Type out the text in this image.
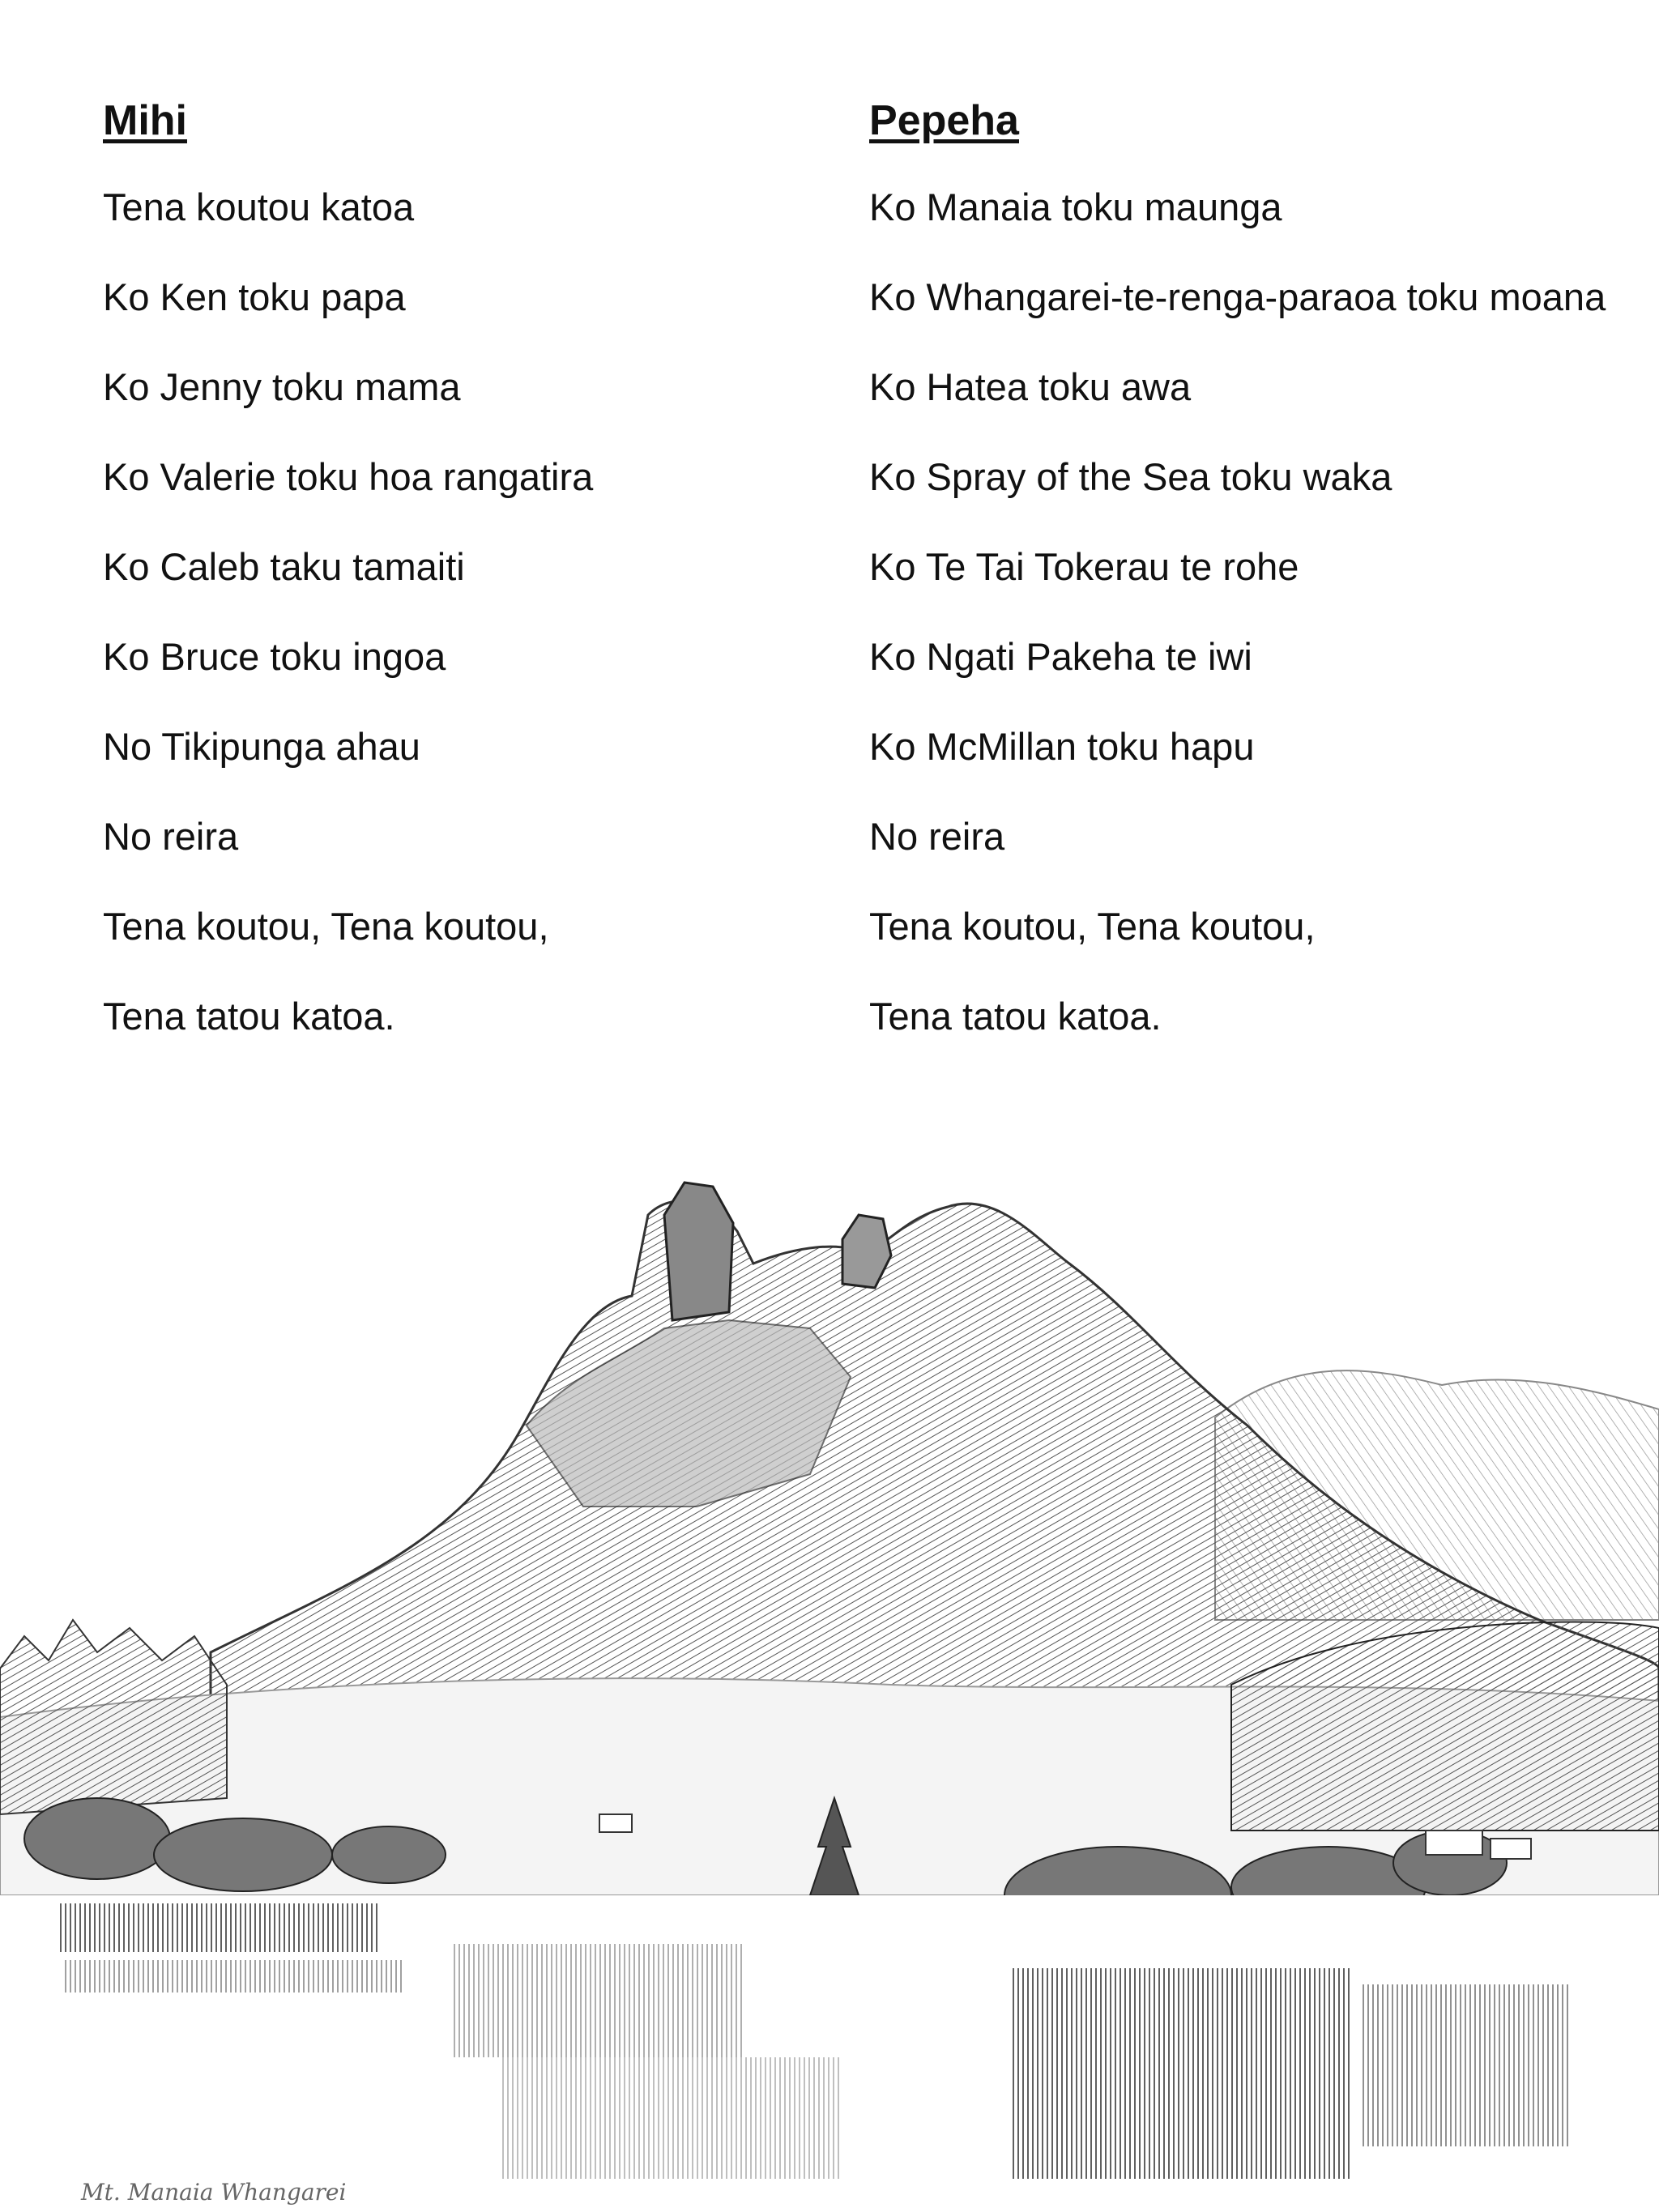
Mihi

Tena koutou katoa

Ko Ken toku papa

Ko Jenny toku mama

Ko Valerie toku hoa rangatira

Ko Caleb taku tamaiti

Ko Bruce toku ingoa

No Tikipunga ahau

No reira

Tena koutou, Tena koutou,

Tena tatou katoa.

Pepeha

Ko Manaia toku maunga

Ko Whangarei-te-renga-paraoa toku moana

Ko Hatea toku awa

Ko Spray of the Sea toku waka

Ko Te Tai Tokerau te rohe

Ko Ngati Pakeha te iwi

Ko McMillan toku hapu

No reira

Tena koutou, Tena koutou,

Tena tatou katoa.

Mt. Manaia Whangarei
